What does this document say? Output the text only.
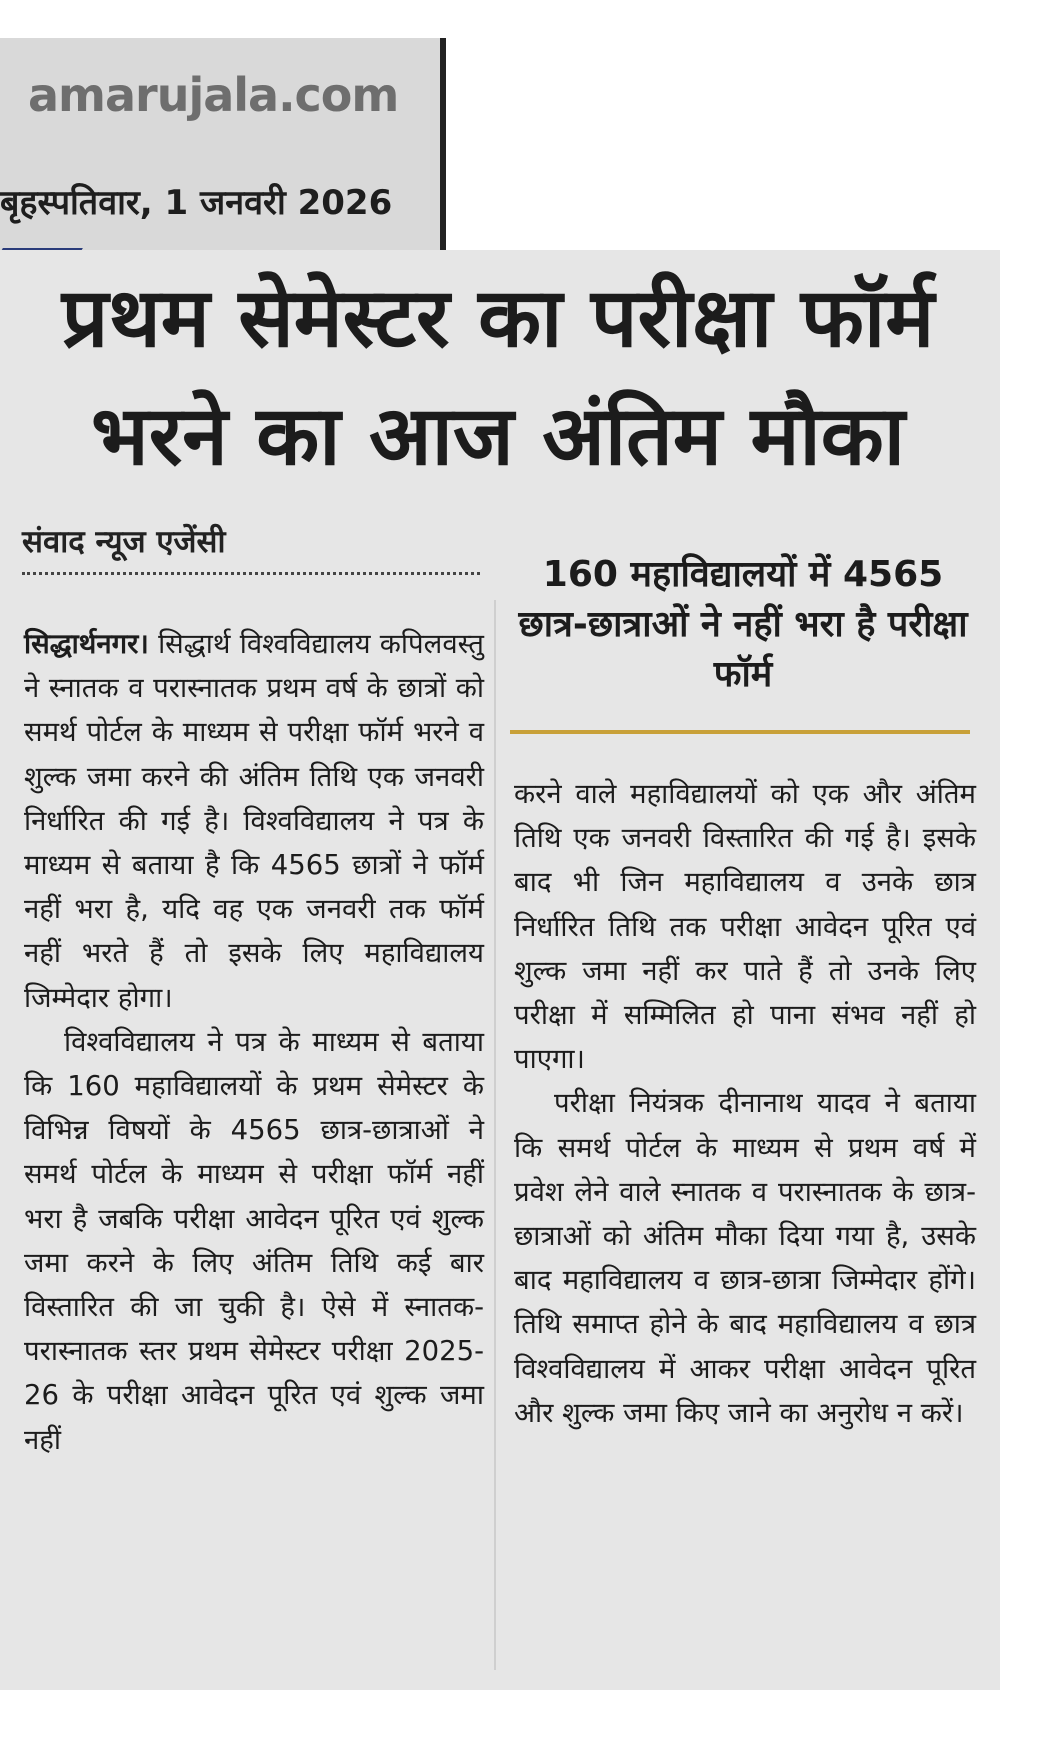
amarujala.com
बृहस्पतिवार, 1 जनवरी 2026
प्रथम सेमेस्टर का परीक्षा फॉर्म
भरने का आज अंतिम मौका
संवाद न्यूज एजेंसी
160 महाविद्यालयों में 4565 छात्र-छात्राओं ने नहीं भरा है परीक्षा फॉर्म

सिद्धार्थनगर। सिद्धार्थ विश्वविद्यालय कपिलवस्तु ने स्नातक व परास्नातक प्रथम वर्ष के छात्रों को समर्थ पोर्टल के माध्यम से परीक्षा फॉर्म भरने व शुल्क जमा करने की अंतिम तिथि एक जनवरी निर्धारित की गई है। विश्वविद्यालय ने पत्र के माध्यम से बताया है कि 4565 छात्रों ने फॉर्म नहीं भरा है, यदि वह एक जनवरी तक फॉर्म नहीं भरते हैं तो इसके लिए महाविद्यालय जिम्मेदार होगा।

विश्वविद्यालय ने पत्र के माध्यम से बताया कि 160 महाविद्यालयों के प्रथम सेमेस्टर के विभिन्न विषयों के 4565 छात्र-छात्राओं ने समर्थ पोर्टल के माध्यम से परीक्षा फॉर्म नहीं भरा है जबकि परीक्षा आवेदन पूरित एवं शुल्क जमा करने के लिए अंतिम तिथि कई बार विस्तारित की जा चुकी है। ऐसे में स्नातक-परास्नातक स्तर प्रथम सेमेस्टर परीक्षा 2025-26 के परीक्षा आवेदन पूरित एवं शुल्क जमा नहीं

करने वाले महाविद्यालयों को एक और अंतिम तिथि एक जनवरी विस्तारित की गई है। इसके बाद भी जिन महाविद्यालय व उनके छात्र निर्धारित तिथि तक परीक्षा आवेदन पूरित एवं शुल्क जमा नहीं कर पाते हैं तो उनके लिए परीक्षा में सम्मिलित हो पाना संभव नहीं हो पाएगा।

परीक्षा नियंत्रक दीनानाथ यादव ने बताया कि समर्थ पोर्टल के माध्यम से प्रथम वर्ष में प्रवेश लेने वाले स्नातक व परास्नातक के छात्र-छात्राओं को अंतिम मौका दिया गया है, उसके बाद महाविद्यालय व छात्र-छात्रा जिम्मेदार होंगे। तिथि समाप्त होने के बाद महाविद्यालय व छात्र विश्वविद्यालय में आकर परीक्षा आवेदन पूरित और शुल्क जमा किए जाने का अनुरोध न करें।
